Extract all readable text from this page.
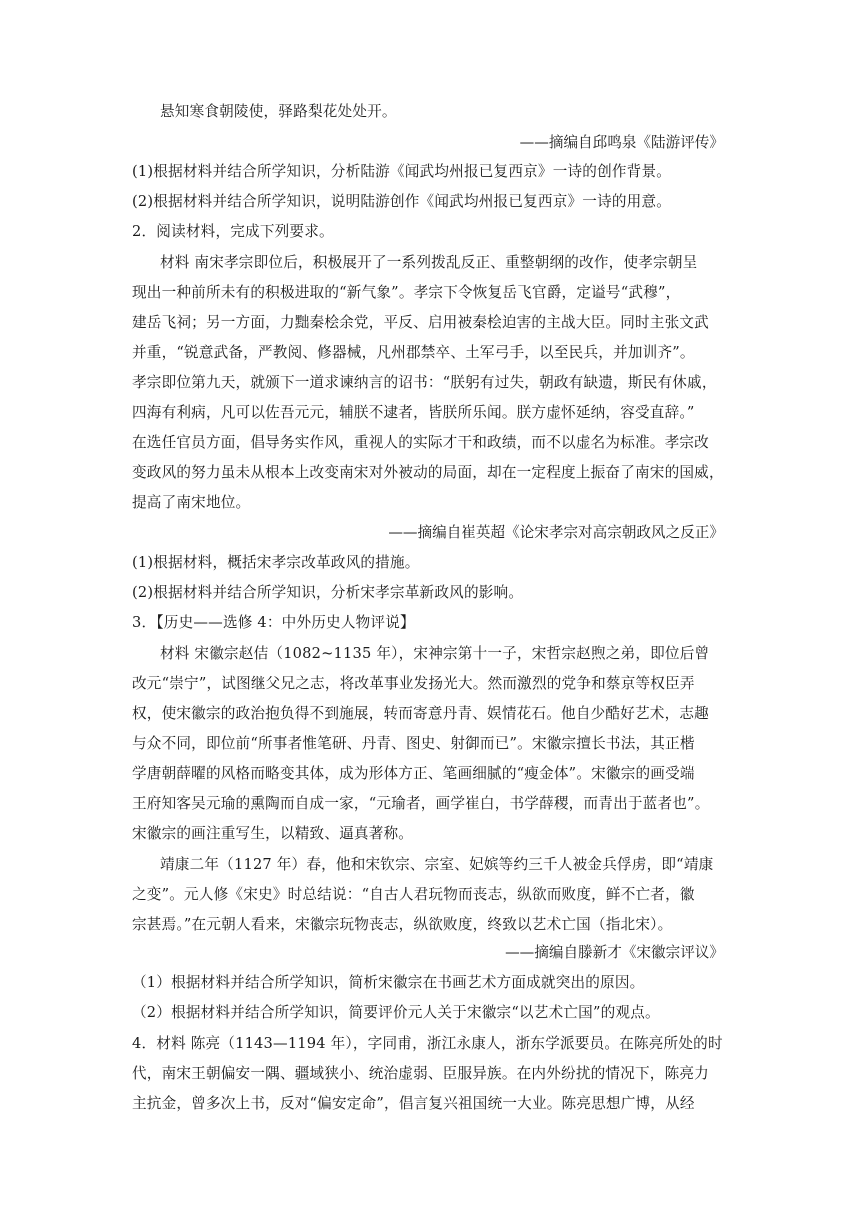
悬知寒食朝陵使，驿路梨花处处开。
——摘编自邱鸣泉《陆游评传》
(1)根据材料并结合所学知识，分析陆游《闻武均州报已复西京》一诗的创作背景。
(2)根据材料并结合所学知识，说明陆游创作《闻武均州报已复西京》一诗的用意。
2．阅读材料，完成下列要求。
材料 南宋孝宗即位后，积极展开了一系列拨乱反正、重整朝纲的改作，使孝宗朝呈
现出一种前所未有的积极进取的“新气象”。孝宗下令恢复岳飞官爵，定谥号“武穆”，
建岳飞祠；另一方面，力黜秦桧余党，平反、启用被秦桧迫害的主战大臣。同时主张文武
并重，“锐意武备，严教阅、修器械，凡州郡禁卒、土军弓手，以至民兵，并加训齐”。
孝宗即位第九天，就颁下一道求谏纳言的诏书：“朕躬有过失，朝政有缺遗，斯民有休戚，
四海有利病，凡可以佐吾元元，辅朕不逮者，皆朕所乐闻。朕方虚怀延纳，容受直辞。”
在选任官员方面，倡导务实作风，重视人的实际才干和政绩，而不以虚名为标准。孝宗改
变政风的努力虽未从根本上改变南宋对外被动的局面，却在一定程度上振奋了南宋的国威，
提高了南宋地位。
——摘编自崔英超《论宋孝宗对高宗朝政风之反正》
(1)根据材料，概括宋孝宗改革政风的措施。
(2)根据材料并结合所学知识，分析宋孝宗革新政风的影响。
3．【历史——选修 4：中外历史人物评说】
材料 宋徽宗赵佶（1082~1135 年），宋神宗第十一子，宋哲宗赵煦之弟，即位后曾
改元“崇宁”，试图继父兄之志，将改革事业发扬光大。然而激烈的党争和蔡京等权臣弄
权，使宋徽宗的政治抱负得不到施展，转而寄意丹青、娱情花石。他自少酷好艺术，志趣
与众不同，即位前“所事者惟笔研、丹青、图史、射御而已”。宋徽宗擅长书法，其正楷
学唐朝薛曜的风格而略变其体，成为形体方正、笔画细腻的“瘦金体”。宋徽宗的画受端
王府知客吴元瑜的熏陶而自成一家，“元瑜者，画学崔白，书学薛稷，而青出于蓝者也”。
宋徽宗的画注重写生，以精致、逼真著称。
靖康二年（1127 年）春，他和宋钦宗、宗室、妃嫔等约三千人被金兵俘虏，即“靖康
之变”。元人修《宋史》时总结说：“自古人君玩物而丧志，纵欲而败度，鲜不亡者，徽
宗甚焉。”在元朝人看来，宋徽宗玩物丧志，纵欲败度，终致以艺术亡国（指北宋）。
——摘编自滕新才《宋徽宗评议》
（1）根据材料并结合所学知识，简析宋徽宗在书画艺术方面成就突出的原因。
（2）根据材料并结合所学知识，简要评价元人关于宋徽宗“以艺术亡国”的观点。
4．材料 陈亮（1143—1194 年），字同甫，浙江永康人，浙东学派要员。在陈亮所处的时
代，南宋王朝偏安一隅、疆域狭小、统治虚弱、臣服异族。在内外纷扰的情况下，陈亮力
主抗金，曾多次上书，反对“偏安定命”，倡言复兴祖国统一大业。陈亮思想广博，从经
